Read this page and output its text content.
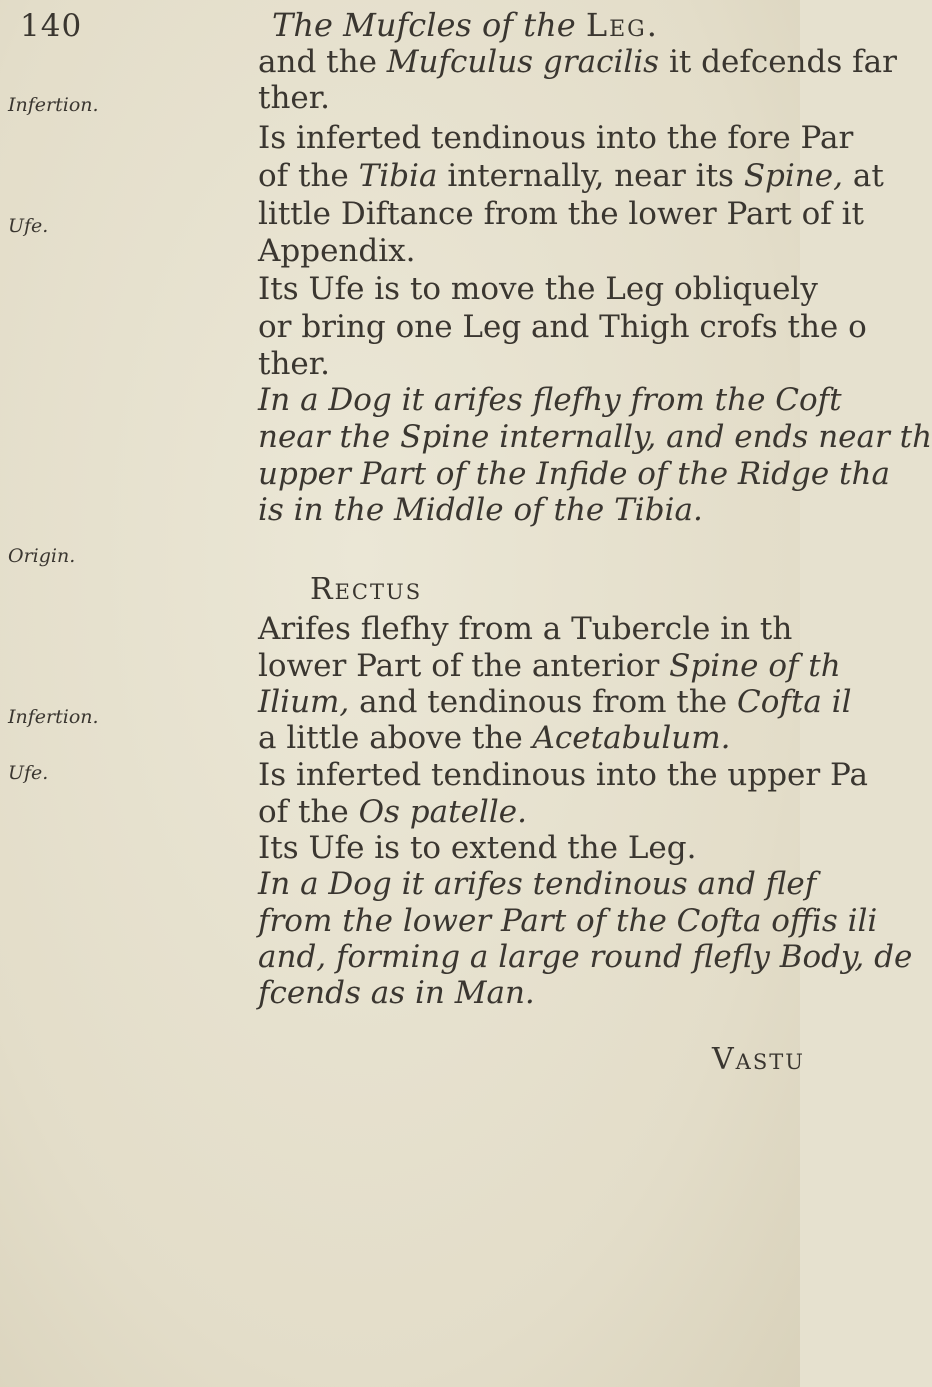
140	The Mufcles of the Leg.
Infertion.
Ufe.
Origin.
Infertion.
Ufe.
and the Mufculus gracilis it defcends far
ther.
Is inferted tendinous into the fore Par
of the Tibia internally, near its Spine, at
little Diftance from the lower Part of it
Appendix.
Its Ufe is to move the Leg obliquely
or bring one Leg and Thigh crofs the o
ther.
In a Dog it arifes flefhy from the Coft
near the Spine internally, and ends near th
upper Part of the Infide of the Ridge tha
is in the Middle of the Tibia.
Rectus
Arifes flefhy from a Tubercle in th
lower Part of the anterior Spine of th
Ilium, and tendinous from the Cofta il
a little above the Acetabulum.
Is inferted tendinous into the upper Pa
of the Os patelle.
Its Ufe is to extend the Leg.
In a Dog it arifes tendinous and flef
from the lower Part of the Cofta offis ili
and, forming a large round flefly Body, de
fcends as in Man.
Vastu
